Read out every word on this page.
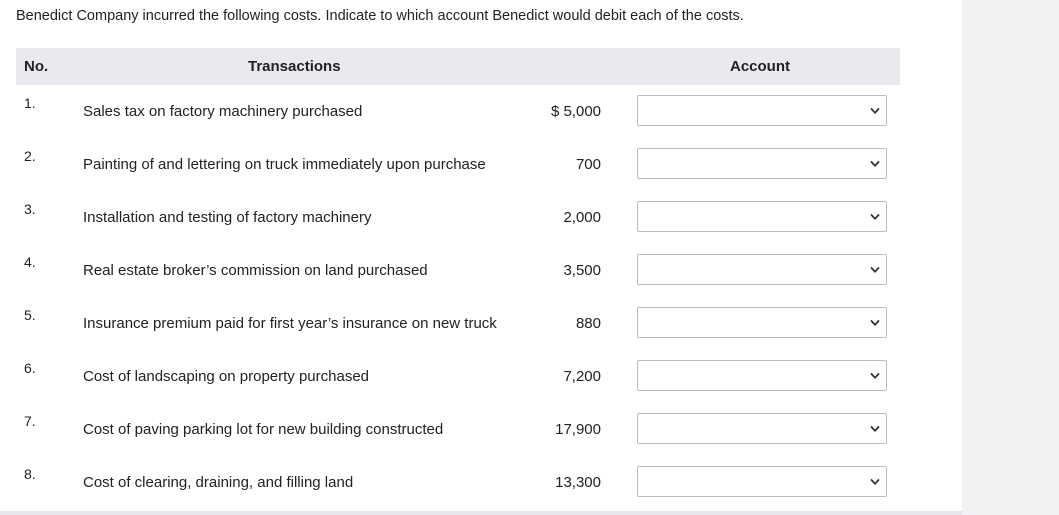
Benedict Company incurred the following costs. Indicate to which account Benedict would debit each of the costs.
No.	Transactions	Account
1.	Sales tax on factory machinery purchased	$ 5,000
2.	Painting of and lettering on truck immediately upon purchase	700
3.	Installation and testing of factory machinery	2,000
4.	Real estate broker’s commission on land purchased	3,500
5.	Insurance premium paid for first year’s insurance on new truck	880
6.	Cost of landscaping on property purchased	7,200
7.	Cost of paving parking lot for new building constructed	17,900
8.	Cost of clearing, draining, and filling land	13,300
